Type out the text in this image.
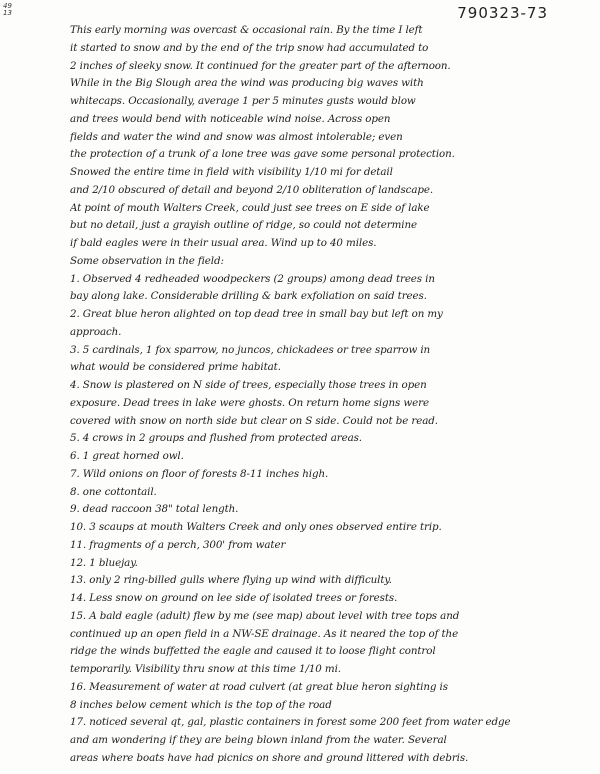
49
13	790323-73
This early morning was overcast & occasional rain. By the time I left
it started to snow and by the end of the trip snow had accumulated to
2 inches of sleeky snow. It continued for the greater part of the afternoon.
While in the Big Slough area the wind was producing big waves with
whitecaps. Occasionally, average 1 per 5 minutes gusts would blow
and trees would bend with noticeable wind noise. Across open
fields and water the wind and snow was almost intolerable; even
the protection of a trunk of a lone tree was gave some personal protection.
Snowed the entire time in field with visibility 1/10 mi for detail
and 2/10 obscured of detail and beyond 2/10 obliteration of landscape.
At point of mouth Walters Creek, could just see trees on E side of lake
but no detail, just a grayish outline of ridge, so could not determine
if bald eagles were in their usual area. Wind up to 40 miles.
Some observation in the field:
1. Observed 4 redheaded woodpeckers (2 groups) among dead trees in
bay along lake. Considerable drilling & bark exfoliation on said trees.
2. Great blue heron alighted on top dead tree in small bay but left on my
approach.
3. 5 cardinals, 1 fox sparrow, no juncos, chickadees or tree sparrow in
what would be considered prime habitat.
4. Snow is plastered on N side of trees, especially those trees in open
exposure. Dead trees in lake were ghosts. On return home signs were
covered with snow on north side but clear on S side. Could not be read.
5. 4 crows in 2 groups and flushed from protected areas.
6. 1 great horned owl.
7. Wild onions on floor of forests 8-11 inches high.
8. one cottontail.
9. dead raccoon 38" total length.
10. 3 scaups at mouth Walters Creek and only ones observed entire trip.
11. fragments of a perch, 300' from water
12. 1 bluejay.
13. only 2 ring-billed gulls where flying up wind with difficulty.
14. Less snow on ground on lee side of isolated trees or forests.
15. A bald eagle (adult) flew by me (see map) about level with tree tops and
continued up an open field in a NW-SE drainage. As it neared the top of the
ridge the winds buffetted the eagle and caused it to loose flight control
temporarily. Visibility thru snow at this time 1/10 mi.
16. Measurement of water at road culvert (at great blue heron sighting is
8 inches below cement which is the top of the road
17. noticed several qt, gal, plastic containers in forest some 200 feet from water edge
and am wondering if they are being blown inland from the water. Several
areas where boats have had picnics on shore and ground littered with debris.
